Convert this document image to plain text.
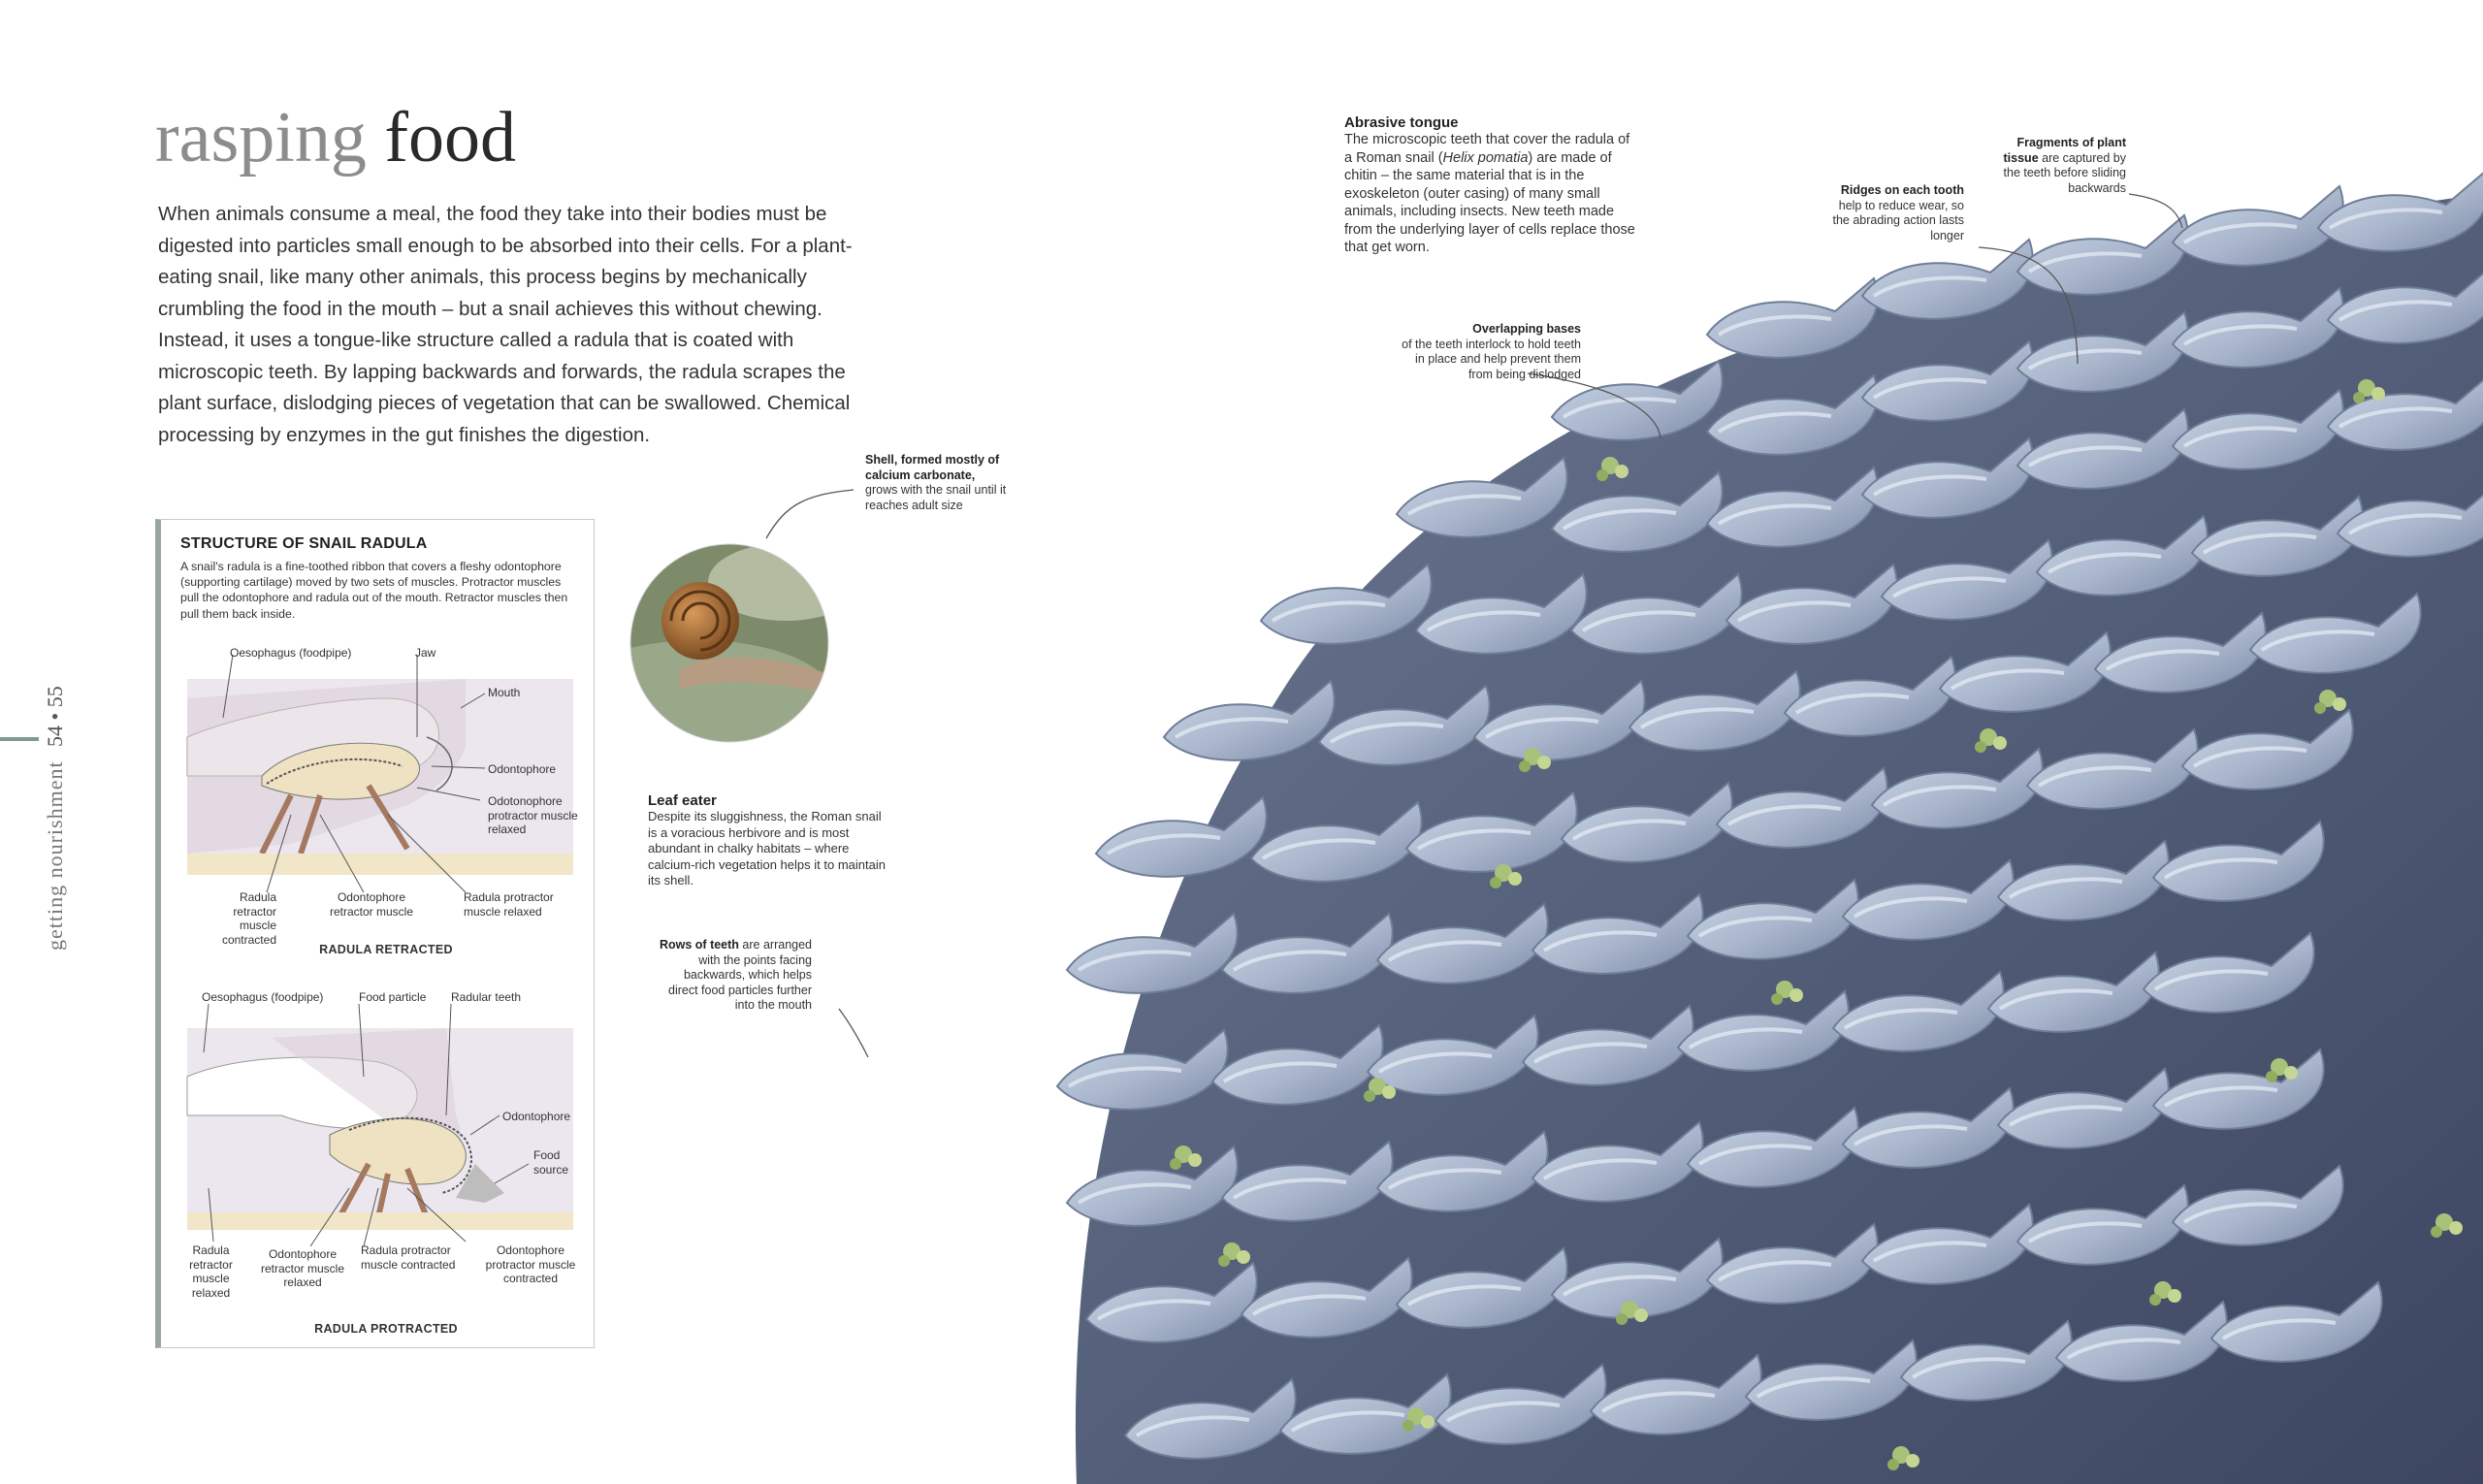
rasping food
When animals consume a meal, the food they take into their bodies must be digested into particles small enough to be absorbed into their cells. For a plant-eating snail, like many other animals, this process begins by mechanically crumbling the food in the mouth – but a snail achieves this without chewing. Instead, it uses a tongue-like structure called a radula that is coated with microscopic teeth. By lapping backwards and forwards, the radula scrapes the plant surface, dislodging pieces of vegetation that can be swallowed. Chemical processing by enzymes in the gut finishes the digestion.
54 • 55
getting nourishment
STRUCTURE OF SNAIL RADULA
A snail's radula is a fine-toothed ribbon that covers a fleshy odontophore (supporting cartilage) moved by two sets of muscles. Protractor muscles pull the odontophore and radula out of the mouth. Retractor muscles then pull them back inside.
Oesophagus (foodpipe)	Jaw
Mouth
Odontophore
Odotonophore protractor muscle relaxed
Radula retractor muscle contracted
Odontophore retractor muscle
Radula protractor muscle relaxed
RADULA RETRACTED
Oesophagus (foodpipe)	Food particle Radular teeth
Odontophore
Food source
Radula retractor muscle relaxed
Odontophore retractor muscle relaxed
Radula protractor muscle contracted
Odontophore protractor muscle contracted
RADULA PROTRACTED
Shell, formed mostly of calcium carbonate, grows with the snail until it reaches adult size
Leaf eater
Despite its sluggishness, the Roman snail is a voracious herbivore and is most abundant in chalky habitats – where calcium-rich vegetation helps it to maintain its shell.
Rows of teeth are arranged with the points facing backwards, which helps direct food particles further into the mouth
Abrasive tongue
The microscopic teeth that cover the radula of a Roman snail (Helix pomatia) are made of chitin – the same material that is in the exoskeleton (outer casing) of many small animals, including insects. New teeth made from the underlying layer of cells replace those that get worn.
Overlapping bases
of the teeth interlock to hold teeth in place and help prevent them from being dislodged
Ridges on each tooth
help to reduce wear, so the abrading action lasts longer
Fragments of plant tissue are captured by the teeth before sliding backwards
